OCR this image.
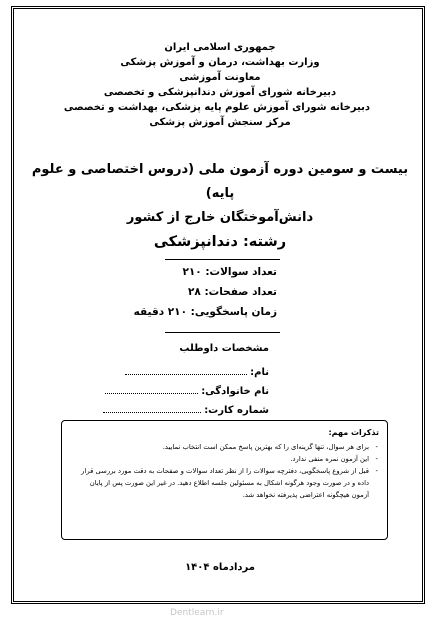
جمهوری اسلامی ایران
وزارت بهداشت، درمان و آموزش پزشکی
معاونت آموزشی
دبیرخانه شورای آموزش دندانپزشکی و تخصصی
دبیرخانه شورای آموزش علوم پایه پزشکی، بهداشت و تخصصی
مرکز سنجش آموزش پزشکی
بیست و سومین دوره آزمون ملی (دروس اختصاصی و علوم پایه)
دانش‌آموختگان خارج از کشور
رشته: دندانپزشکی
تعداد سوالات: ۲۱۰
تعداد صفحات: ۲۸
زمان پاسخگویی: ۲۱۰ دقیقه
مشخصات داوطلب
نام:
نام خانوادگی:
شماره کارت:
تذکرات مهم:
- برای هر سوال، تنها گزینه‌ای را که بهترین پاسخ ممکن است انتخاب نمایید.
- این آزمون نمره منفی ندارد.
- قبل از شروع پاسخگویی، دفترچه سوالات را از نظر تعداد سوالات و صفحات به دقت مورد بررسی قرار داده و در صورت وجود هرگونه اشکال به مسئولین جلسه اطلاع دهید. در غیر این صورت پس از پایان آزمون هیچگونه اعتراضی پذیرفته نخواهد شد.
مردادماه ۱۴۰۴
Dentlearn.ir
